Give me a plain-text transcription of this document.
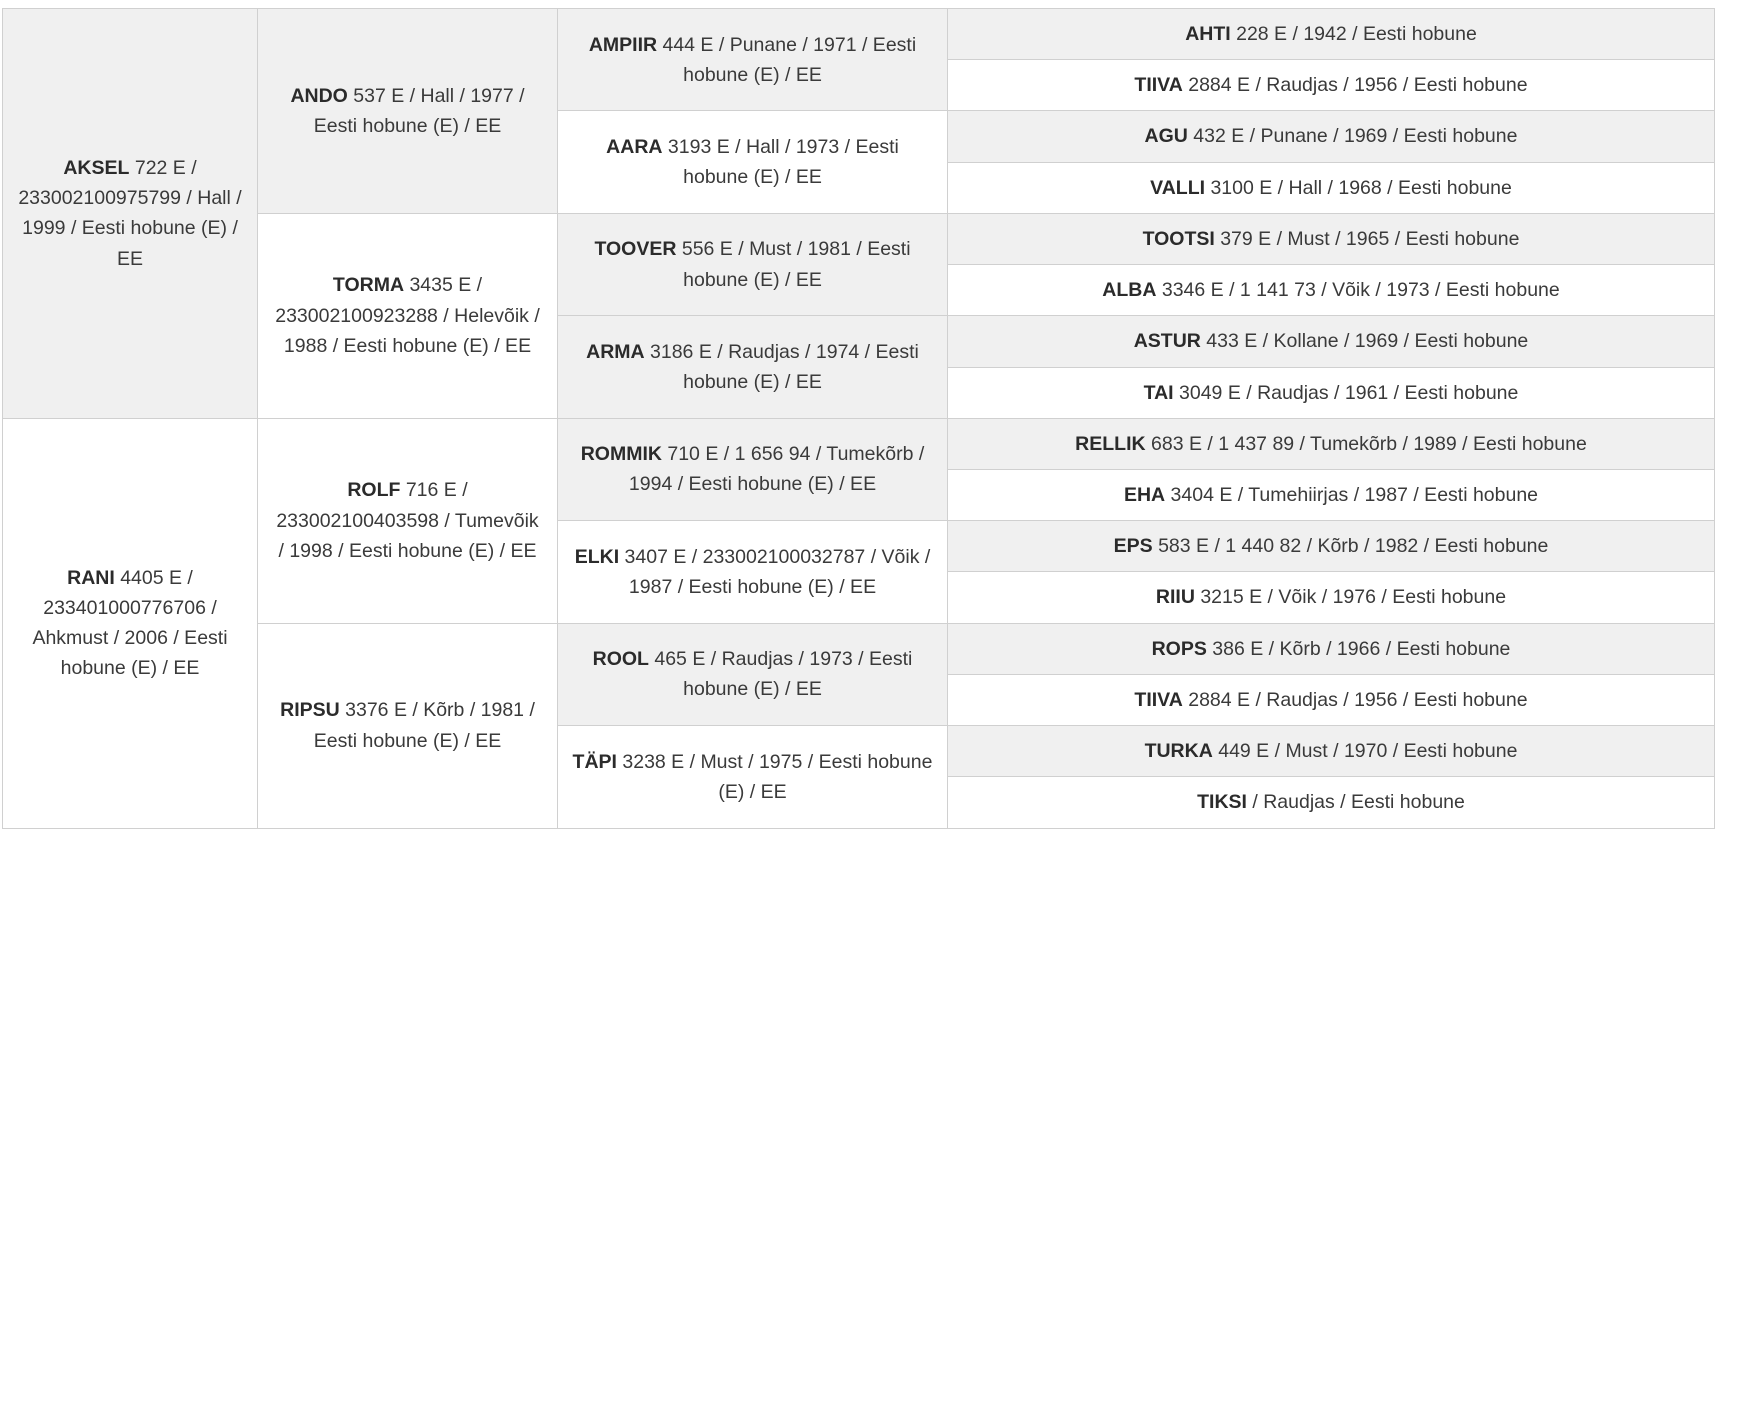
AKSEL 722 E / 233002100975799 / Hall / 1999 / Eesti hobune (E) / EE	ANDO 537 E / Hall / 1977 / Eesti hobune (E) / EE	AMPIIR 444 E / Punane / 1971 / Eesti hobune (E) / EE	AHTI 228 E / 1942 / Eesti hobune
			TIIVA 2884 E / Raudjas / 1956 / Eesti hobune
		AARA 3193 E / Hall / 1973 / Eesti hobune (E) / EE	AGU 432 E / Punane / 1969 / Eesti hobune
			VALLI 3100 E / Hall / 1968 / Eesti hobune
	TORMA 3435 E / 233002100923288 / Helevõik / 1988 / Eesti hobune (E) / EE	TOOVER 556 E / Must / 1981 / Eesti hobune (E) / EE	TOOTSI 379 E / Must / 1965 / Eesti hobune
			ALBA 3346 E / 1 141 73 / Võik / 1973 / Eesti hobune
		ARMA 3186 E / Raudjas / 1974 / Eesti hobune (E) / EE	ASTUR 433 E / Kollane / 1969 / Eesti hobune
			TAI 3049 E / Raudjas / 1961 / Eesti hobune
RANI 4405 E / 233401000776706 / Ahkmust / 2006 / Eesti hobune (E) / EE	ROLF 716 E / 233002100403598 / Tumevõik / 1998 / Eesti hobune (E) / EE	ROMMIK 710 E / 1 656 94 / Tumekõrb / 1994 / Eesti hobune (E) / EE	RELLIK 683 E / 1 437 89 / Tumekõrb / 1989 / Eesti hobune
			EHA 3404 E / Tumehiirjas / 1987 / Eesti hobune
		ELKI 3407 E / 233002100032787 / Võik / 1987 / Eesti hobune (E) / EE	EPS 583 E / 1 440 82 / Kõrb / 1982 / Eesti hobune
			RIIU 3215 E / Võik / 1976 / Eesti hobune
	RIPSU 3376 E / Kõrb / 1981 / Eesti hobune (E) / EE	ROOL 465 E / Raudjas / 1973 / Eesti hobune (E) / EE	ROPS 386 E / Kõrb / 1966 / Eesti hobune
			TIIVA 2884 E / Raudjas / 1956 / Eesti hobune
		TÄPI 3238 E / Must / 1975 / Eesti hobune (E) / EE	TURKA 449 E / Must / 1970 / Eesti hobune
			TIKSI / Raudjas / Eesti hobune
